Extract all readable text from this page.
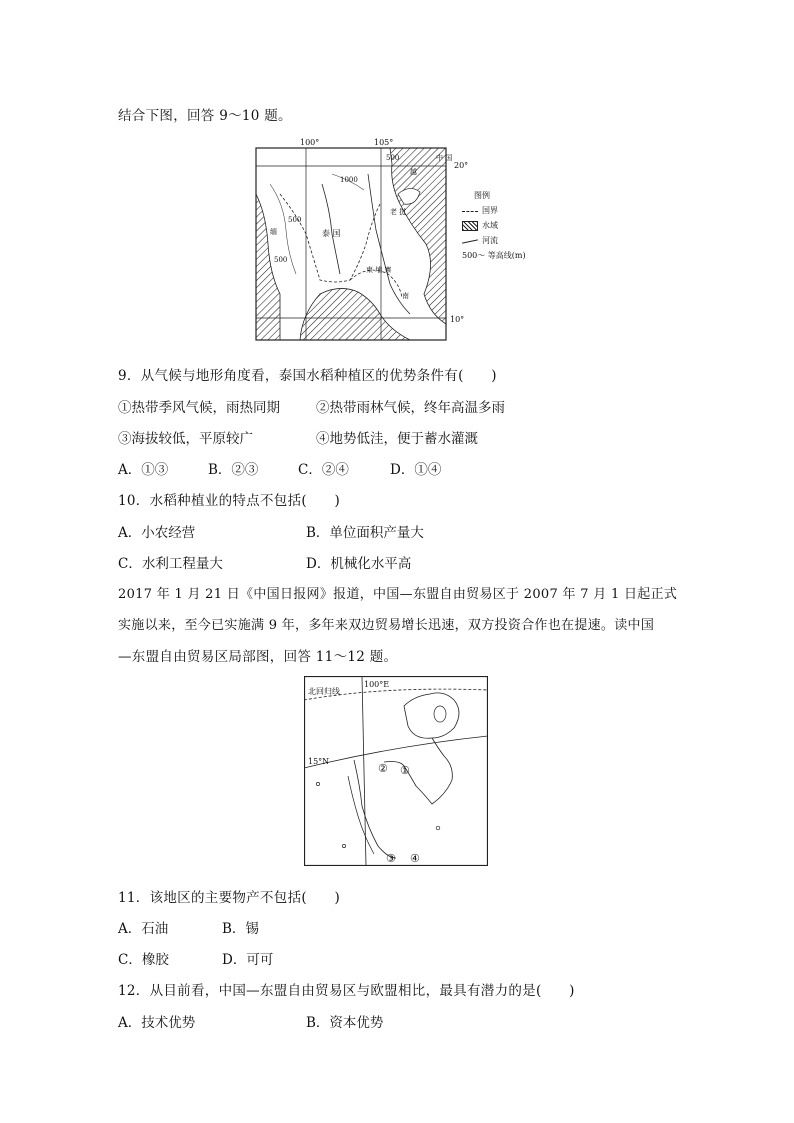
结合下图，回答 9～10 题。
100°	105°
20°
10°
泰 国
柬 埔 寨
老 挝
缅
越
中 国
南
500
500
1000
500
图例
国界
水域
河流
500～ 等高线(m)
9．从气候与地形角度看，泰国水稻种植区的优势条件有(　　)
①热带季风气候，雨热同期	②热带雨林气候，终年高温多雨
③海拔较低，平原较广	④地势低洼，便于蓄水灌溉
A．①③	B．②③	C．②④	D．①④
10．水稻种植业的特点不包括(　　)
A．小农经营	B．单位面积产量大
C．水利工程量大	D．机械化水平高
2017 年 1 月 21 日《中国日报网》报道，中国—东盟自由贸易区于 2007 年 7 月 1 日起正式
实施以来，至今已实施满 9 年，多年来双边贸易增长迅速，双方投资合作也在提速。读中国
—东盟自由贸易区局部图，回答 11～12 题。
北回归线
100°E
15°N
② ①
③ ④
11．该地区的主要物产不包括(　　)
A．石油	B．锡
C．橡胶	D．可可
12．从目前看，中国—东盟自由贸易区与欧盟相比，最具有潜力的是(　　)
A．技术优势	B．资本优势
